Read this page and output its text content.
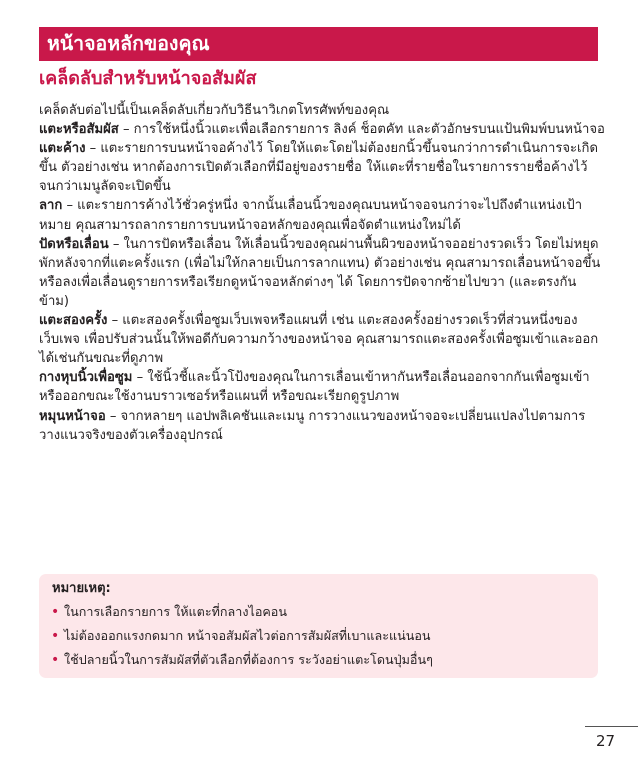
หน้าจอหลักของคุณ
เคล็ดลับสำหรับหน้าจอสัมผัส

เคล็ดลับต่อไปนี้เป็นเคล็ดลับเกี่ยวกับวิธีนาวิเกตโทรศัพท์ของคุณ

แตะหรือสัมผัส – การใช้หนึ่งนิ้วแตะเพื่อเลือกรายการ ลิงค์ ช็อตคัท และตัวอักษรบนแป้นพิมพ์บนหน้าจอ

แตะค้าง – แตะรายการบนหน้าจอค้างไว้ โดยให้แตะโดยไม่ต้องยกนิ้วขึ้นจนกว่าการดำเนินการจะเกิดขึ้น ตัวอย่างเช่น หากต้องการเปิดตัวเลือกที่มีอยู่ของรายชื่อ ให้แตะที่รายชื่อในรายการรายชื่อค้างไว้จนกว่าเมนูลัดจะเปิดขึ้น

ลาก – แตะรายการค้างไว้ชั่วครู่หนึ่ง จากนั้นเลื่อนนิ้วของคุณบนหน้าจอจนกว่าจะไปถึงตำแหน่งเป้าหมาย คุณสามารถลากรายการบนหน้าจอหลักของคุณเพื่อจัดตำแหน่งใหม่ได้

ปัดหรือเลื่อน – ในการปัดหรือเลื่อน ให้เลื่อนนิ้วของคุณผ่านพื้นผิวของหน้าจออย่างรวดเร็ว โดยไม่หยุดพักหลังจากที่แตะครั้งแรก (เพื่อไม่ให้กลายเป็นการลากแทน) ตัวอย่างเช่น คุณสามารถเลื่อนหน้าจอขึ้นหรือลงเพื่อเลื่อนดูรายการหรือเรียกดูหน้าจอหลักต่างๆ ได้ โดยการปัดจากซ้ายไปขวา (และตรงกันข้าม)

แตะสองครั้ง – แตะสองครั้งเพื่อซูมเว็บเพจหรือแผนที่ เช่น แตะสองครั้งอย่างรวดเร็วที่ส่วนหนึ่งของเว็บเพจ เพื่อปรับส่วนนั้นให้พอดีกับความกว้างของหน้าจอ คุณสามารถแตะสองครั้งเพื่อซูมเข้าและออกได้เช่นกันขณะที่ดูภาพ

กางหุบนิ้วเพื่อซูม – ใช้นิ้วชี้และนิ้วโป้งของคุณในการเลื่อนเข้าหากันหรือเลื่อนออกจากกันเพื่อซูมเข้าหรือออกขณะใช้งานบราวเซอร์หรือแผนที่ หรือขณะเรียกดูรูปภาพ

หมุนหน้าจอ – จากหลายๆ แอปพลิเคชันและเมนู การวางแนวของหน้าจอจะเปลี่ยนแปลงไปตามการวางแนวจริงของตัวเครื่องอุปกรณ์

หมายเหตุ:
• ในการเลือกรายการ ให้แตะที่กลางไอคอน
• ไม่ต้องออกแรงกดมาก หน้าจอสัมผัสไวต่อการสัมผัสที่เบาและแน่นอน
• ใช้ปลายนิ้วในการสัมผัสที่ตัวเลือกที่ต้องการ ระวังอย่าแตะโดนปุ่มอื่นๆ
27
